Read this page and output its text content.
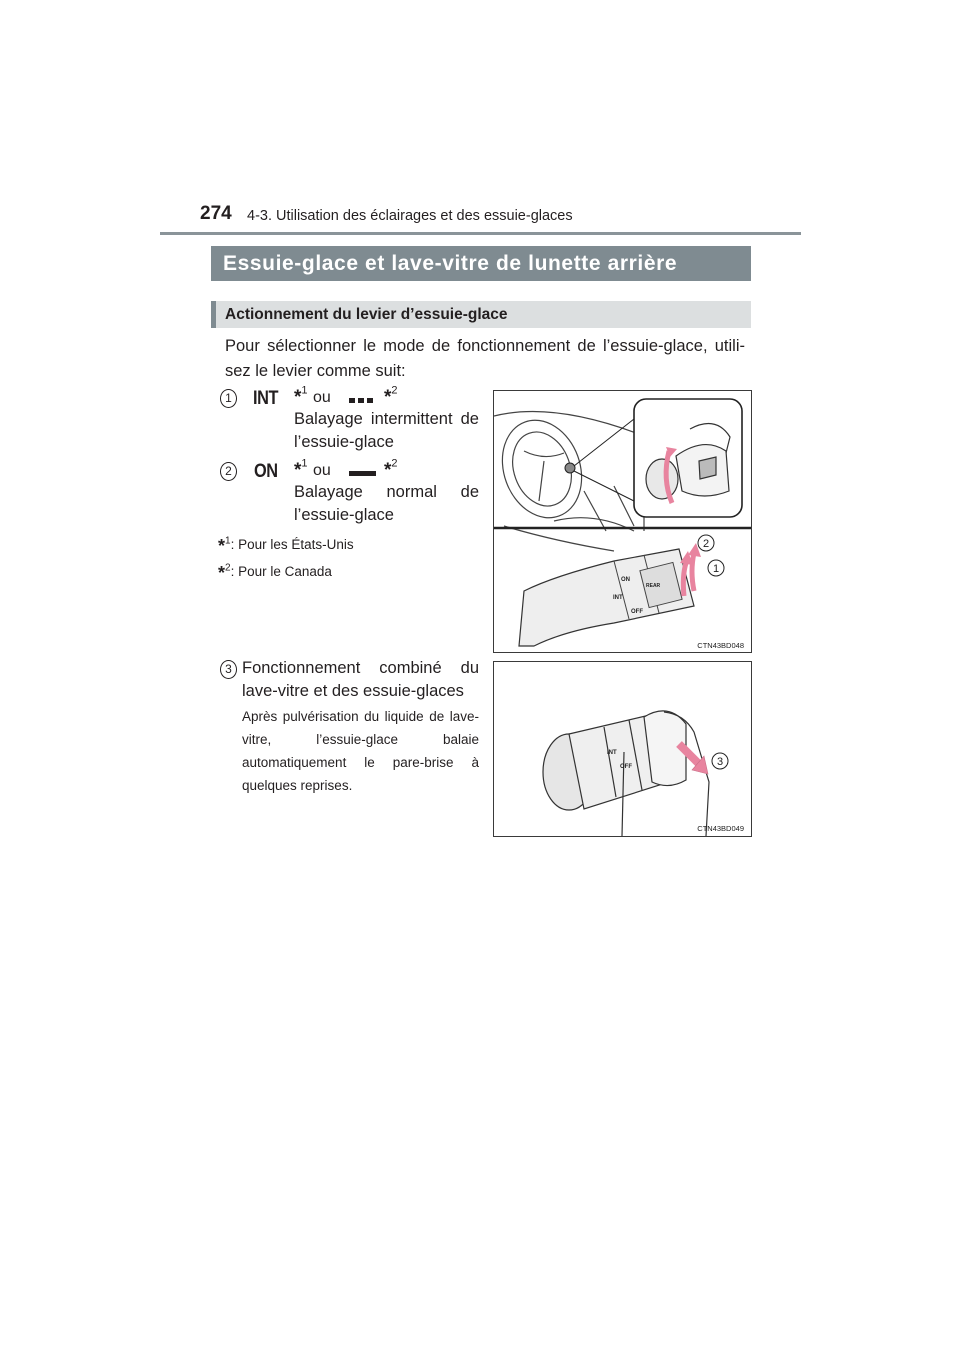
274 4-3. Utilisation des éclairages et des essuie-glaces
Essuie-glace et lave-vitre de lunette arrière
Actionnement du levier d’essuie-glace
Pour sélectionner le mode de fonctionnement de l’essuie-glace, utili-sez le levier comme suit:
1 INT *$^1$ ou	*$^2$
Balayage intermittent de l’essuie-glace
2 ON *$^1$ ou	*$^2$
Balayage normal de l’essuie-glace
*$^1$: Pour les États-Unis
*$^2$: Pour le Canada
3 Fonctionnement combiné du lave-vitre et des essuie-glaces
Après pulvérisation du liquide de lave-vitre, l’essuie-glace balaie automatiquement le pare-brise à quelques reprises.
ON
INT
OFF
REAR
2
1
CTN43BD048
INT
OFF	3
CTN43BD049
